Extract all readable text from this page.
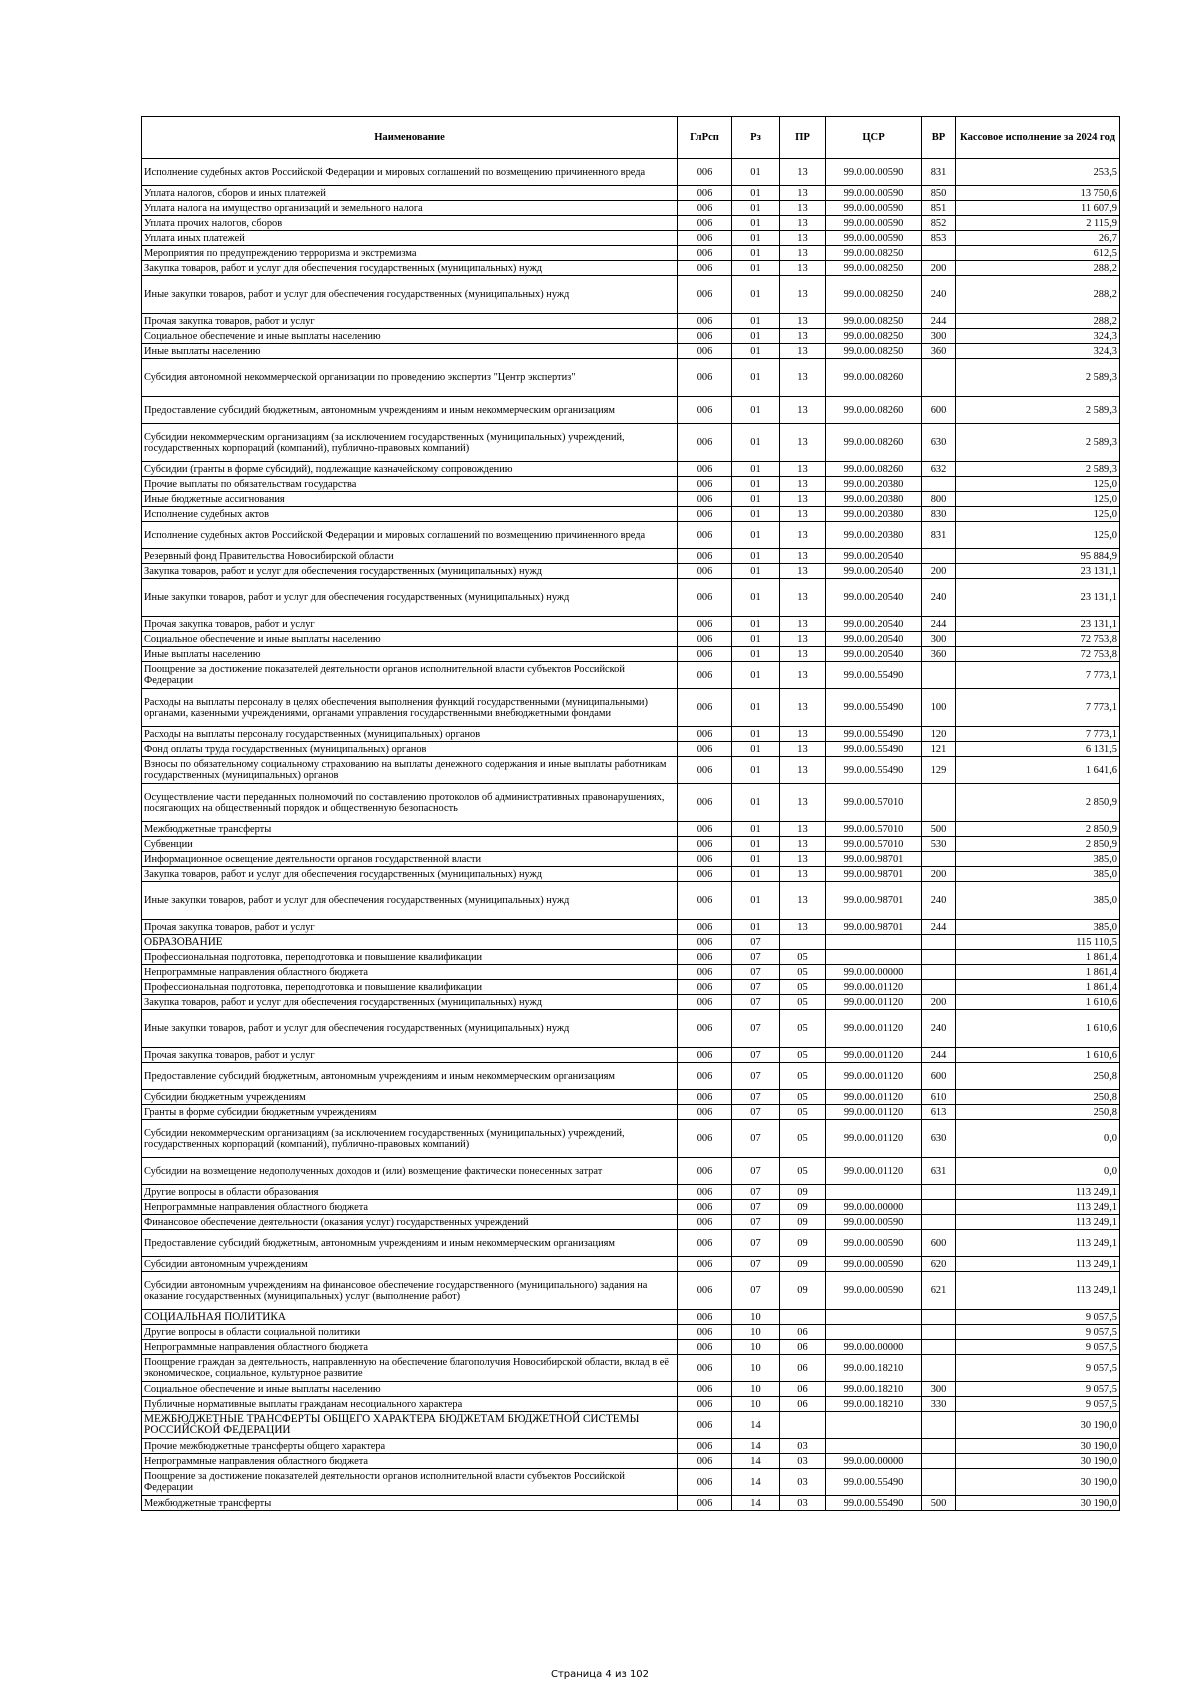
Наименование	ГлРсп	Рз	ПР	ЦСР	ВР	Кассовое исполнение за 2024 год
Исполнение судебных актов Российской Федерации и мировых соглашений по возмещению причиненного вреда	006	01	13	99.0.00.00590	831	253,5
Уплата налогов, сборов и иных платежей	006	01	13	99.0.00.00590	850	13 750,6
Уплата налога на имущество организаций и земельного налога	006	01	13	99.0.00.00590	851	11 607,9
Уплата прочих налогов, сборов	006	01	13	99.0.00.00590	852	2 115,9
Уплата иных платежей	006	01	13	99.0.00.00590	853	26,7
Мероприятия по предупреждению терроризма и экстремизма	006	01	13	99.0.00.08250		612,5
Закупка товаров, работ и услуг для обеспечения государственных (муниципальных) нужд	006	01	13	99.0.00.08250	200	288,2
Иные закупки товаров, работ и услуг для обеспечения государственных (муниципальных) нужд	006	01	13	99.0.00.08250	240	288,2
Прочая закупка товаров, работ и услуг	006	01	13	99.0.00.08250	244	288,2
Социальное обеспечение и иные выплаты населению	006	01	13	99.0.00.08250	300	324,3
Иные выплаты населению	006	01	13	99.0.00.08250	360	324,3
Субсидия автономной некоммерческой организации по проведению экспертиз "Центр экспертиз"	006	01	13	99.0.00.08260		2 589,3
Предоставление субсидий бюджетным, автономным учреждениям и иным некоммерческим организациям	006	01	13	99.0.00.08260	600	2 589,3
Субсидии некоммерческим организациям (за исключением государственных (муниципальных) учреждений, государственных корпораций (компаний), публично-правовых компаний)	006	01	13	99.0.00.08260	630	2 589,3
Субсидии (гранты в форме субсидий), подлежащие казначейскому сопровождению	006	01	13	99.0.00.08260	632	2 589,3
Прочие выплаты по обязательствам государства	006	01	13	99.0.00.20380		125,0
Иные бюджетные ассигнования	006	01	13	99.0.00.20380	800	125,0
Исполнение судебных актов	006	01	13	99.0.00.20380	830	125,0
Исполнение судебных актов Российской Федерации и мировых соглашений по возмещению причиненного вреда	006	01	13	99.0.00.20380	831	125,0
Резервный фонд Правительства Новосибирской области	006	01	13	99.0.00.20540		95 884,9
Закупка товаров, работ и услуг для обеспечения государственных (муниципальных) нужд	006	01	13	99.0.00.20540	200	23 131,1
Иные закупки товаров, работ и услуг для обеспечения государственных (муниципальных) нужд	006	01	13	99.0.00.20540	240	23 131,1
Прочая закупка товаров, работ и услуг	006	01	13	99.0.00.20540	244	23 131,1
Социальное обеспечение и иные выплаты населению	006	01	13	99.0.00.20540	300	72 753,8
Иные выплаты населению	006	01	13	99.0.00.20540	360	72 753,8
Поощрение за достижение показателей деятельности органов исполнительной власти субъектов Российской Федерации	006	01	13	99.0.00.55490		7 773,1
Расходы на выплаты персоналу в целях обеспечения выполнения функций государственными (муниципальными) органами, казенными учреждениями, органами управления государственными внебюджетными фондами	006	01	13	99.0.00.55490	100	7 773,1
Расходы на выплаты персоналу государственных (муниципальных) органов	006	01	13	99.0.00.55490	120	7 773,1
Фонд оплаты труда государственных (муниципальных) органов	006	01	13	99.0.00.55490	121	6 131,5
Взносы по обязательному социальному страхованию на выплаты денежного содержания и иные выплаты работникам государственных (муниципальных) органов	006	01	13	99.0.00.55490	129	1 641,6
Осуществление части переданных полномочий по составлению протоколов об административных правонарушениях, посягающих на общественный порядок и общественную безопасность	006	01	13	99.0.00.57010		2 850,9
Межбюджетные трансферты	006	01	13	99.0.00.57010	500	2 850,9
Субвенции	006	01	13	99.0.00.57010	530	2 850,9
Информационное освещение деятельности органов государственной власти	006	01	13	99.0.00.98701		385,0
Закупка товаров, работ и услуг для обеспечения государственных (муниципальных) нужд	006	01	13	99.0.00.98701	200	385,0
Иные закупки товаров, работ и услуг для обеспечения государственных (муниципальных) нужд	006	01	13	99.0.00.98701	240	385,0
Прочая закупка товаров, работ и услуг	006	01	13	99.0.00.98701	244	385,0
ОБРАЗОВАНИЕ	006	07				115 110,5
Профессиональная подготовка, переподготовка и повышение квалификации	006	07	05			1 861,4
Непрограммные направления областного бюджета	006	07	05	99.0.00.00000		1 861,4
Профессиональная подготовка, переподготовка и повышение квалификации	006	07	05	99.0.00.01120		1 861,4
Закупка товаров, работ и услуг для обеспечения государственных (муниципальных) нужд	006	07	05	99.0.00.01120	200	1 610,6
Иные закупки товаров, работ и услуг для обеспечения государственных (муниципальных) нужд	006	07	05	99.0.00.01120	240	1 610,6
Прочая закупка товаров, работ и услуг	006	07	05	99.0.00.01120	244	1 610,6
Предоставление субсидий бюджетным, автономным учреждениям и иным некоммерческим организациям	006	07	05	99.0.00.01120	600	250,8
Субсидии бюджетным учреждениям	006	07	05	99.0.00.01120	610	250,8
Гранты в форме субсидии бюджетным учреждениям	006	07	05	99.0.00.01120	613	250,8
Субсидии некоммерческим организациям (за исключением государственных (муниципальных) учреждений, государственных корпораций (компаний), публично-правовых компаний)	006	07	05	99.0.00.01120	630	0,0
Субсидии на возмещение недополученных доходов и (или) возмещение фактически понесенных затрат	006	07	05	99.0.00.01120	631	0,0
Другие вопросы в области образования	006	07	09			113 249,1
Непрограммные направления областного бюджета	006	07	09	99.0.00.00000		113 249,1
Финансовое обеспечение деятельности (оказания услуг) государственных учреждений	006	07	09	99.0.00.00590		113 249,1
Предоставление субсидий бюджетным, автономным учреждениям и иным некоммерческим организациям	006	07	09	99.0.00.00590	600	113 249,1
Субсидии автономным учреждениям	006	07	09	99.0.00.00590	620	113 249,1
Субсидии автономным учреждениям на финансовое обеспечение государственного (муниципального) задания на оказание государственных (муниципальных) услуг (выполнение работ)	006	07	09	99.0.00.00590	621	113 249,1
СОЦИАЛЬНАЯ ПОЛИТИКА	006	10				9 057,5
Другие вопросы в области социальной политики	006	10	06			9 057,5
Непрограммные направления областного бюджета	006	10	06	99.0.00.00000		9 057,5
Поощрение граждан за деятельность, направленную на обеспечение благополучия Новосибирской области, вклад в её экономическое, социальное, культурное развитие	006	10	06	99.0.00.18210		9 057,5
Социальное обеспечение и иные выплаты населению	006	10	06	99.0.00.18210	300	9 057,5
Публичные нормативные выплаты гражданам несоциального характера	006	10	06	99.0.00.18210	330	9 057,5
МЕЖБЮДЖЕТНЫЕ ТРАНСФЕРТЫ ОБЩЕГО ХАРАКТЕРА БЮДЖЕТАМ БЮДЖЕТНОЙ СИСТЕМЫ РОССИЙСКОЙ ФЕДЕРАЦИИ	006	14				30 190,0
Прочие межбюджетные трансферты общего характера	006	14	03			30 190,0
Непрограммные направления областного бюджета	006	14	03	99.0.00.00000		30 190,0
Поощрение за достижение показателей деятельности органов исполнительной власти субъектов Российской Федерации	006	14	03	99.0.00.55490		30 190,0
Межбюджетные трансферты	006	14	03	99.0.00.55490	500	30 190,0
Страница 4 из 102
